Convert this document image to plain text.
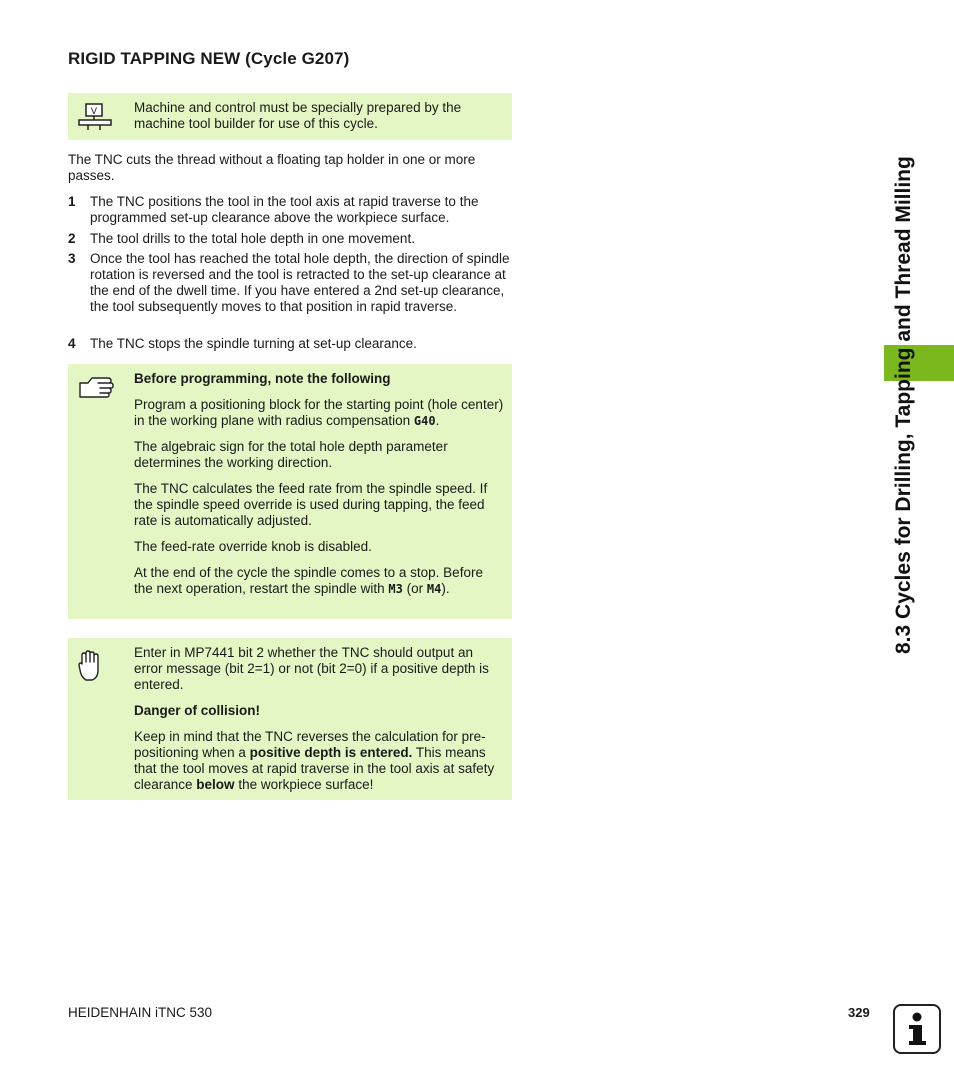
RIGID TAPPING NEW (Cycle G207)
V	Machine and control must be specially prepared by the machine tool builder for use of this cycle.
The TNC cuts the thread without a floating tap holder in one or more passes.
1 The TNC positions the tool in the tool axis at rapid traverse to the programmed set-up clearance above the workpiece surface.
2 The tool drills to the total hole depth in one movement.
3 Once the tool has reached the total hole depth, the direction of spindle rotation is reversed and the tool is retracted to the set-up clearance at the end of the dwell time. If you have entered a 2nd set-up clearance, the tool subsequently moves to that position in rapid traverse.
4 The TNC stops the spindle turning at set-up clearance.

Before programming, note the following

Program a positioning block for the starting point (hole center) in the working plane with radius compensation G40.

The algebraic sign for the total hole depth parameter determines the working direction.

The TNC calculates the feed rate from the spindle speed. If the spindle speed override is used during tapping, the feed rate is automatically adjusted.

The feed-rate override knob is disabled.

At the end of the cycle the spindle comes to a stop. Before the next operation, restart the spindle with M3 (or M4).

Enter in MP7441 bit 2 whether the TNC should output an error message (bit 2=1) or not (bit 2=0) if a positive depth is entered.

Danger of collision!

Keep in mind that the TNC reverses the calculation for pre-positioning when a positive depth is entered. This means that the tool moves at rapid traverse in the tool axis at safety clearance below the workpiece surface!

8.3 Cycles for Drilling, Tapping and Thread Milling
HEIDENHAIN iTNC 530	329
